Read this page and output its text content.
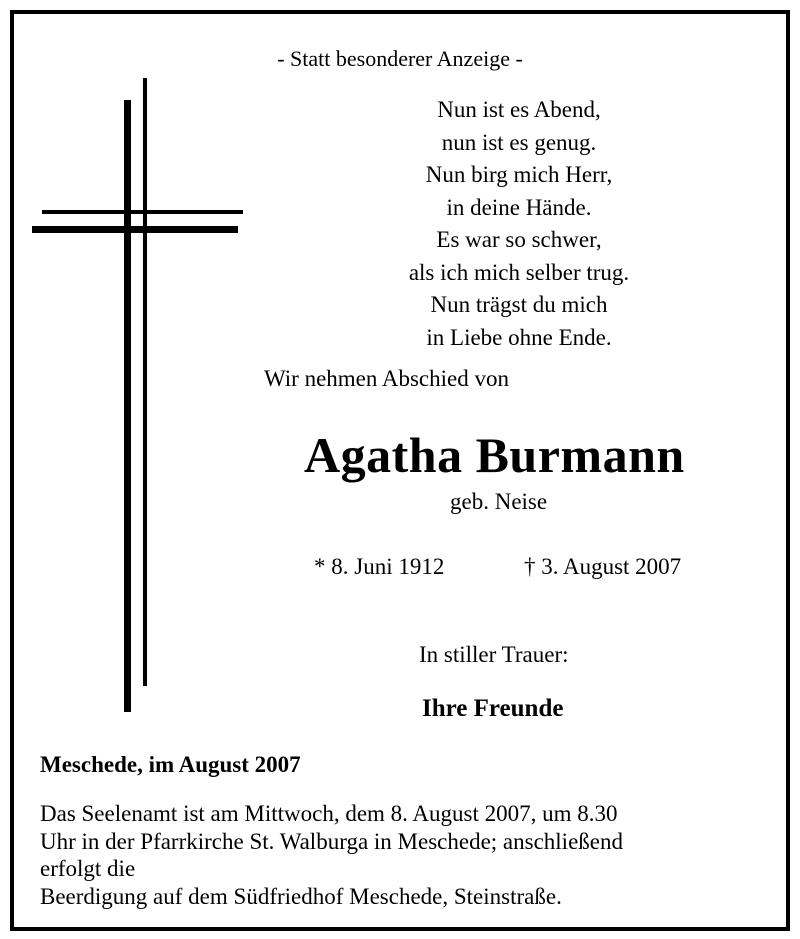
- Statt besonderer Anzeige -
Nun ist es Abend,
nun ist es genug.
Nun birg mich Herr,
in deine Hände.
Es war so schwer,
als ich mich selber trug.
Nun trägst du mich
in Liebe ohne Ende.
Wir nehmen Abschied von
Agatha Burmann
geb. Neise
* 8. Juni 1912	† 3. August 2007
In stiller Trauer:
Ihre Freunde
Meschede, im August 2007

Das Seelenamt ist am Mittwoch, dem 8. August 2007, um 8.30

Uhr in der Pfarrkirche St. Walburga in Meschede; anschließend

erfolgt die

Beerdigung auf dem Südfriedhof Meschede, Steinstraße.
